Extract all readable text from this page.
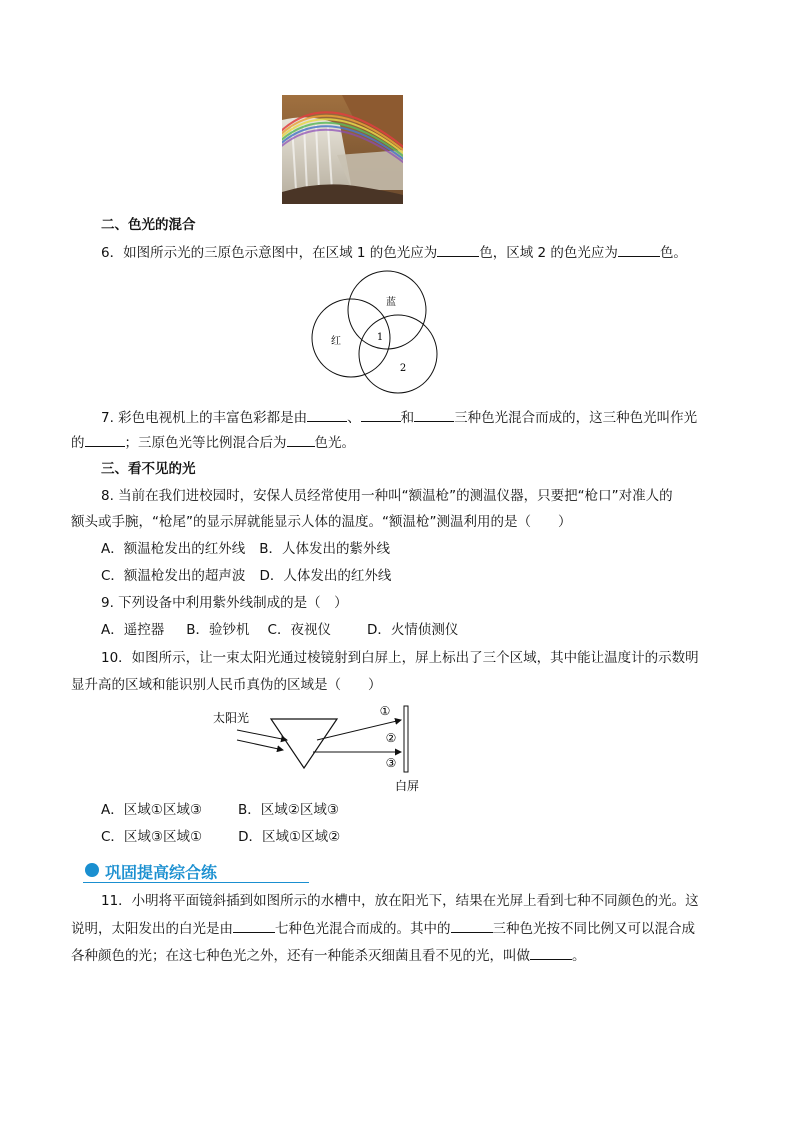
二、色光的混合
6．如图所示光的三原色示意图中，在区域 1 的色光应为	色，区域 2 的色光应为	色。
蓝
红	1
2
7. 彩色电视机上的丰富色彩都是由	、	和	三种色光混合而成的，这三种色光叫作光
的	；三原色光等比例混合后为 色光。
三、看不见的光
8. 当前在我们进校园时，安保人员经常使用一种叫“额温枪”的测温仪器，只要把“枪口”对准人的
额头或手腕，“枪尾”的显示屏就能显示人体的温度。“额温枪”测温利用的是（　　）
A．额温枪发出的红外线 B．人体发出的紫外线
C．额温枪发出的超声波 D．人体发出的红外线
9. 下列设备中利用紫外线制成的是（　）
A．遥控器 B．验钞机 C．夜视仪	D．火情侦测仪
10．如图所示，让一束太阳光通过棱镜射到白屏上，屏上标出了三个区域，其中能让温度计的示数明
显升高的区域和能识别人民币真伪的区域是（　　）
太阳光	①
②
③
白屏
A．区域①区域③	B．区域②区域③
C．区域③区域①	D．区域①区域②
巩固提高综合练
11．小明将平面镜斜插到如图所示的水槽中，放在阳光下，结果在光屏上看到七种不同颜色的光。这
说明，太阳发出的白光是由	七种色光混合而成的。其中的	三种色光按不同比例又可以混合成
各种颜色的光；在这七种色光之外，还有一种能杀灭细菌且看不见的光，叫做	。
